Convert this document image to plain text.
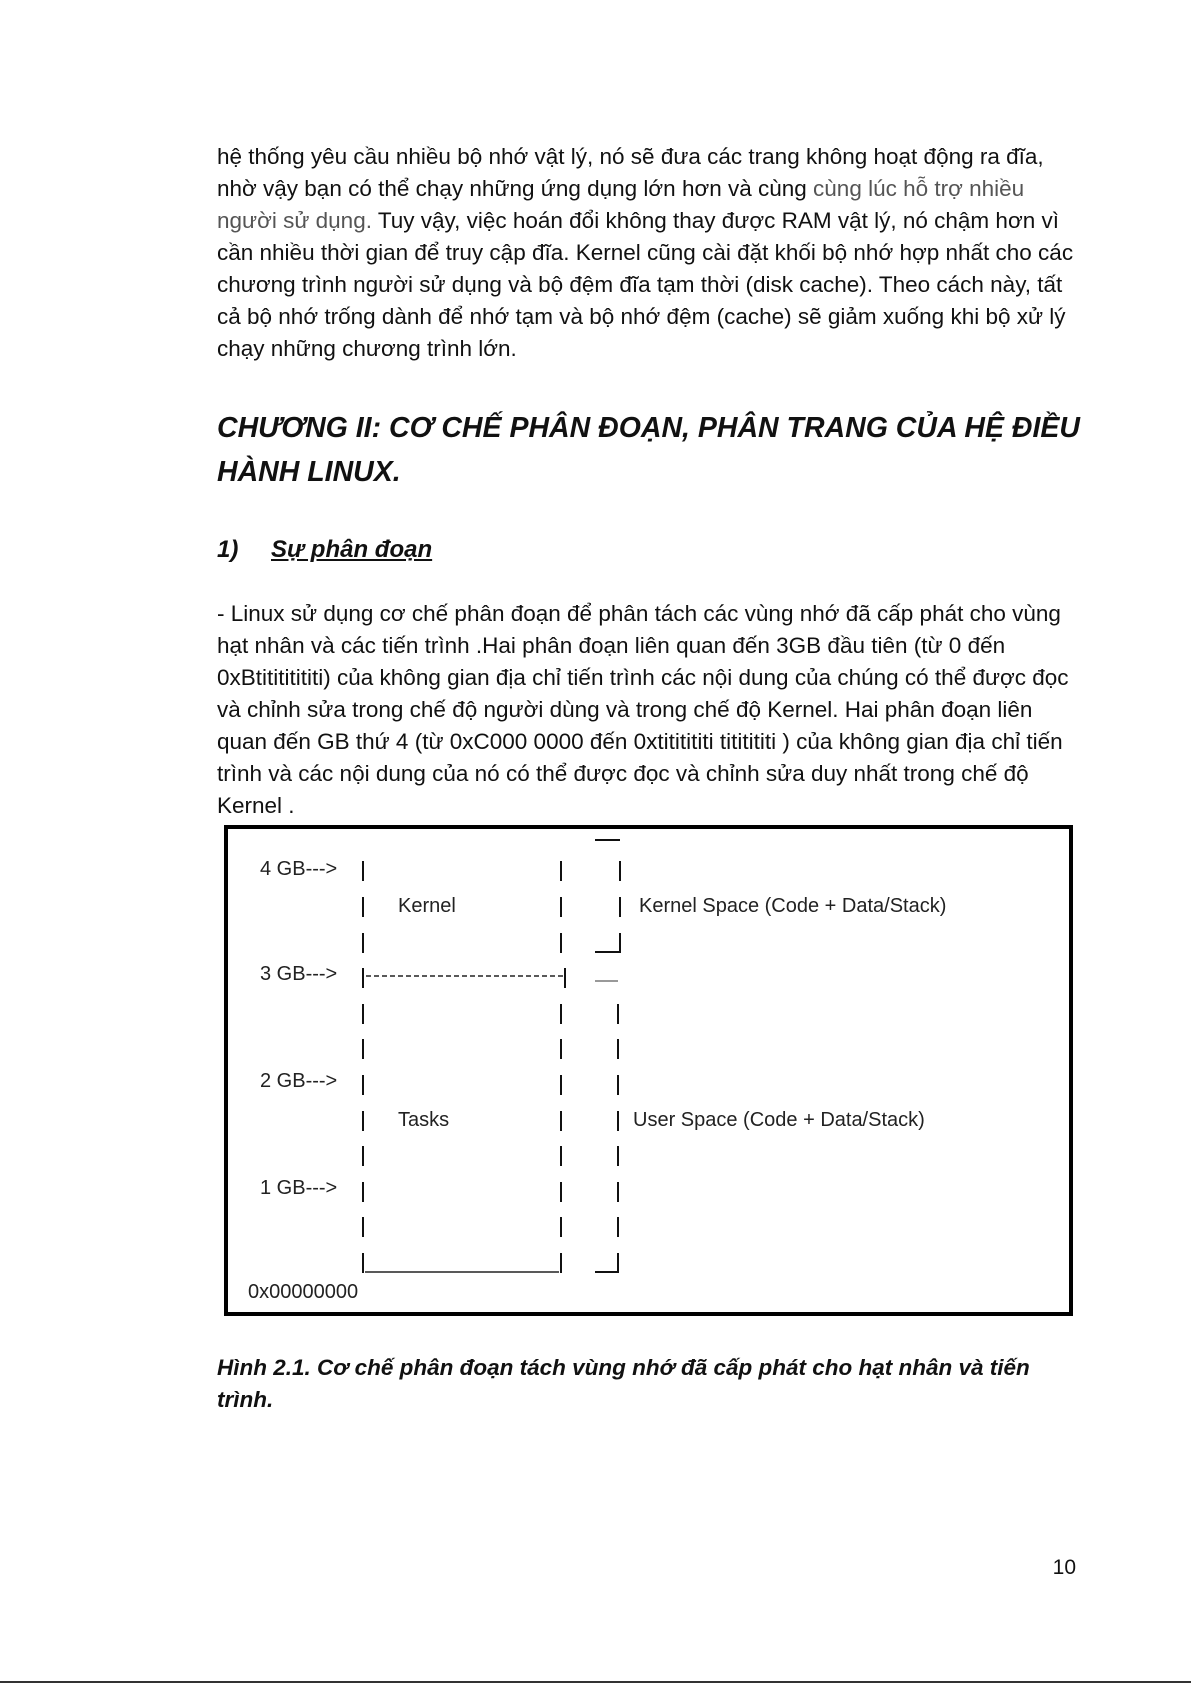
hệ thống yêu cầu nhiều bộ nhớ vật lý, nó sẽ đưa các trang không hoạt động ra đĩa, nhờ vậy bạn có thể chạy những ứng dụng lớn hơn và cùng cùng lúc hỗ trợ nhiều người sử dụng. Tuy vậy, việc hoán đổi không thay được RAM vật lý, nó chậm hơn vì cần nhiều thời gian để truy cập đĩa. Kernel cũng cài đặt khối bộ nhớ hợp nhất cho các chương trình người sử dụng và bộ đệm đĩa tạm thời (disk cache). Theo cách này, tất cả bộ nhớ trống dành để nhớ tạm và bộ nhớ đệm (cache) sẽ giảm xuống khi bộ xử lý chạy những chương trình lớn.

CHƯƠNG II: CƠ CHẾ PHÂN ĐOẠN, PHÂN TRANG CỦA HỆ ĐIỀU HÀNH LINUX.
1) Sự phân đoạn

- Linux sử dụng cơ chế phân đoạn để phân tách các vùng nhớ đã cấp phát cho vùng hạt nhân và các tiến trình .Hai phân đoạn liên quan đến 3GB đầu tiên (từ 0 đến 0xBtitititititi) của không gian địa chỉ tiến trình các nội dung của chúng có thể được đọc và chỉnh sửa trong chế độ người dùng và trong chế độ Kernel. Hai phân đoạn liên quan đến GB thứ 4 (từ 0xC000 0000 đến 0xtititititi tititititi ) của không gian địa chỉ tiến trình và các nội dung của nó có thể được đọc và chỉnh sửa duy nhất trong chế độ Kernel .

4 GB--->
3 GB--->
2 GB--->
1 GB--->
0x00000000
Kernel
Tasks
Kernel Space (Code + Data/Stack)
User Space (Code + Data/Stack)

Hình 2.1. Cơ chế phân đoạn tách vùng nhớ đã cấp phát cho hạt nhân và tiến trình.

10
